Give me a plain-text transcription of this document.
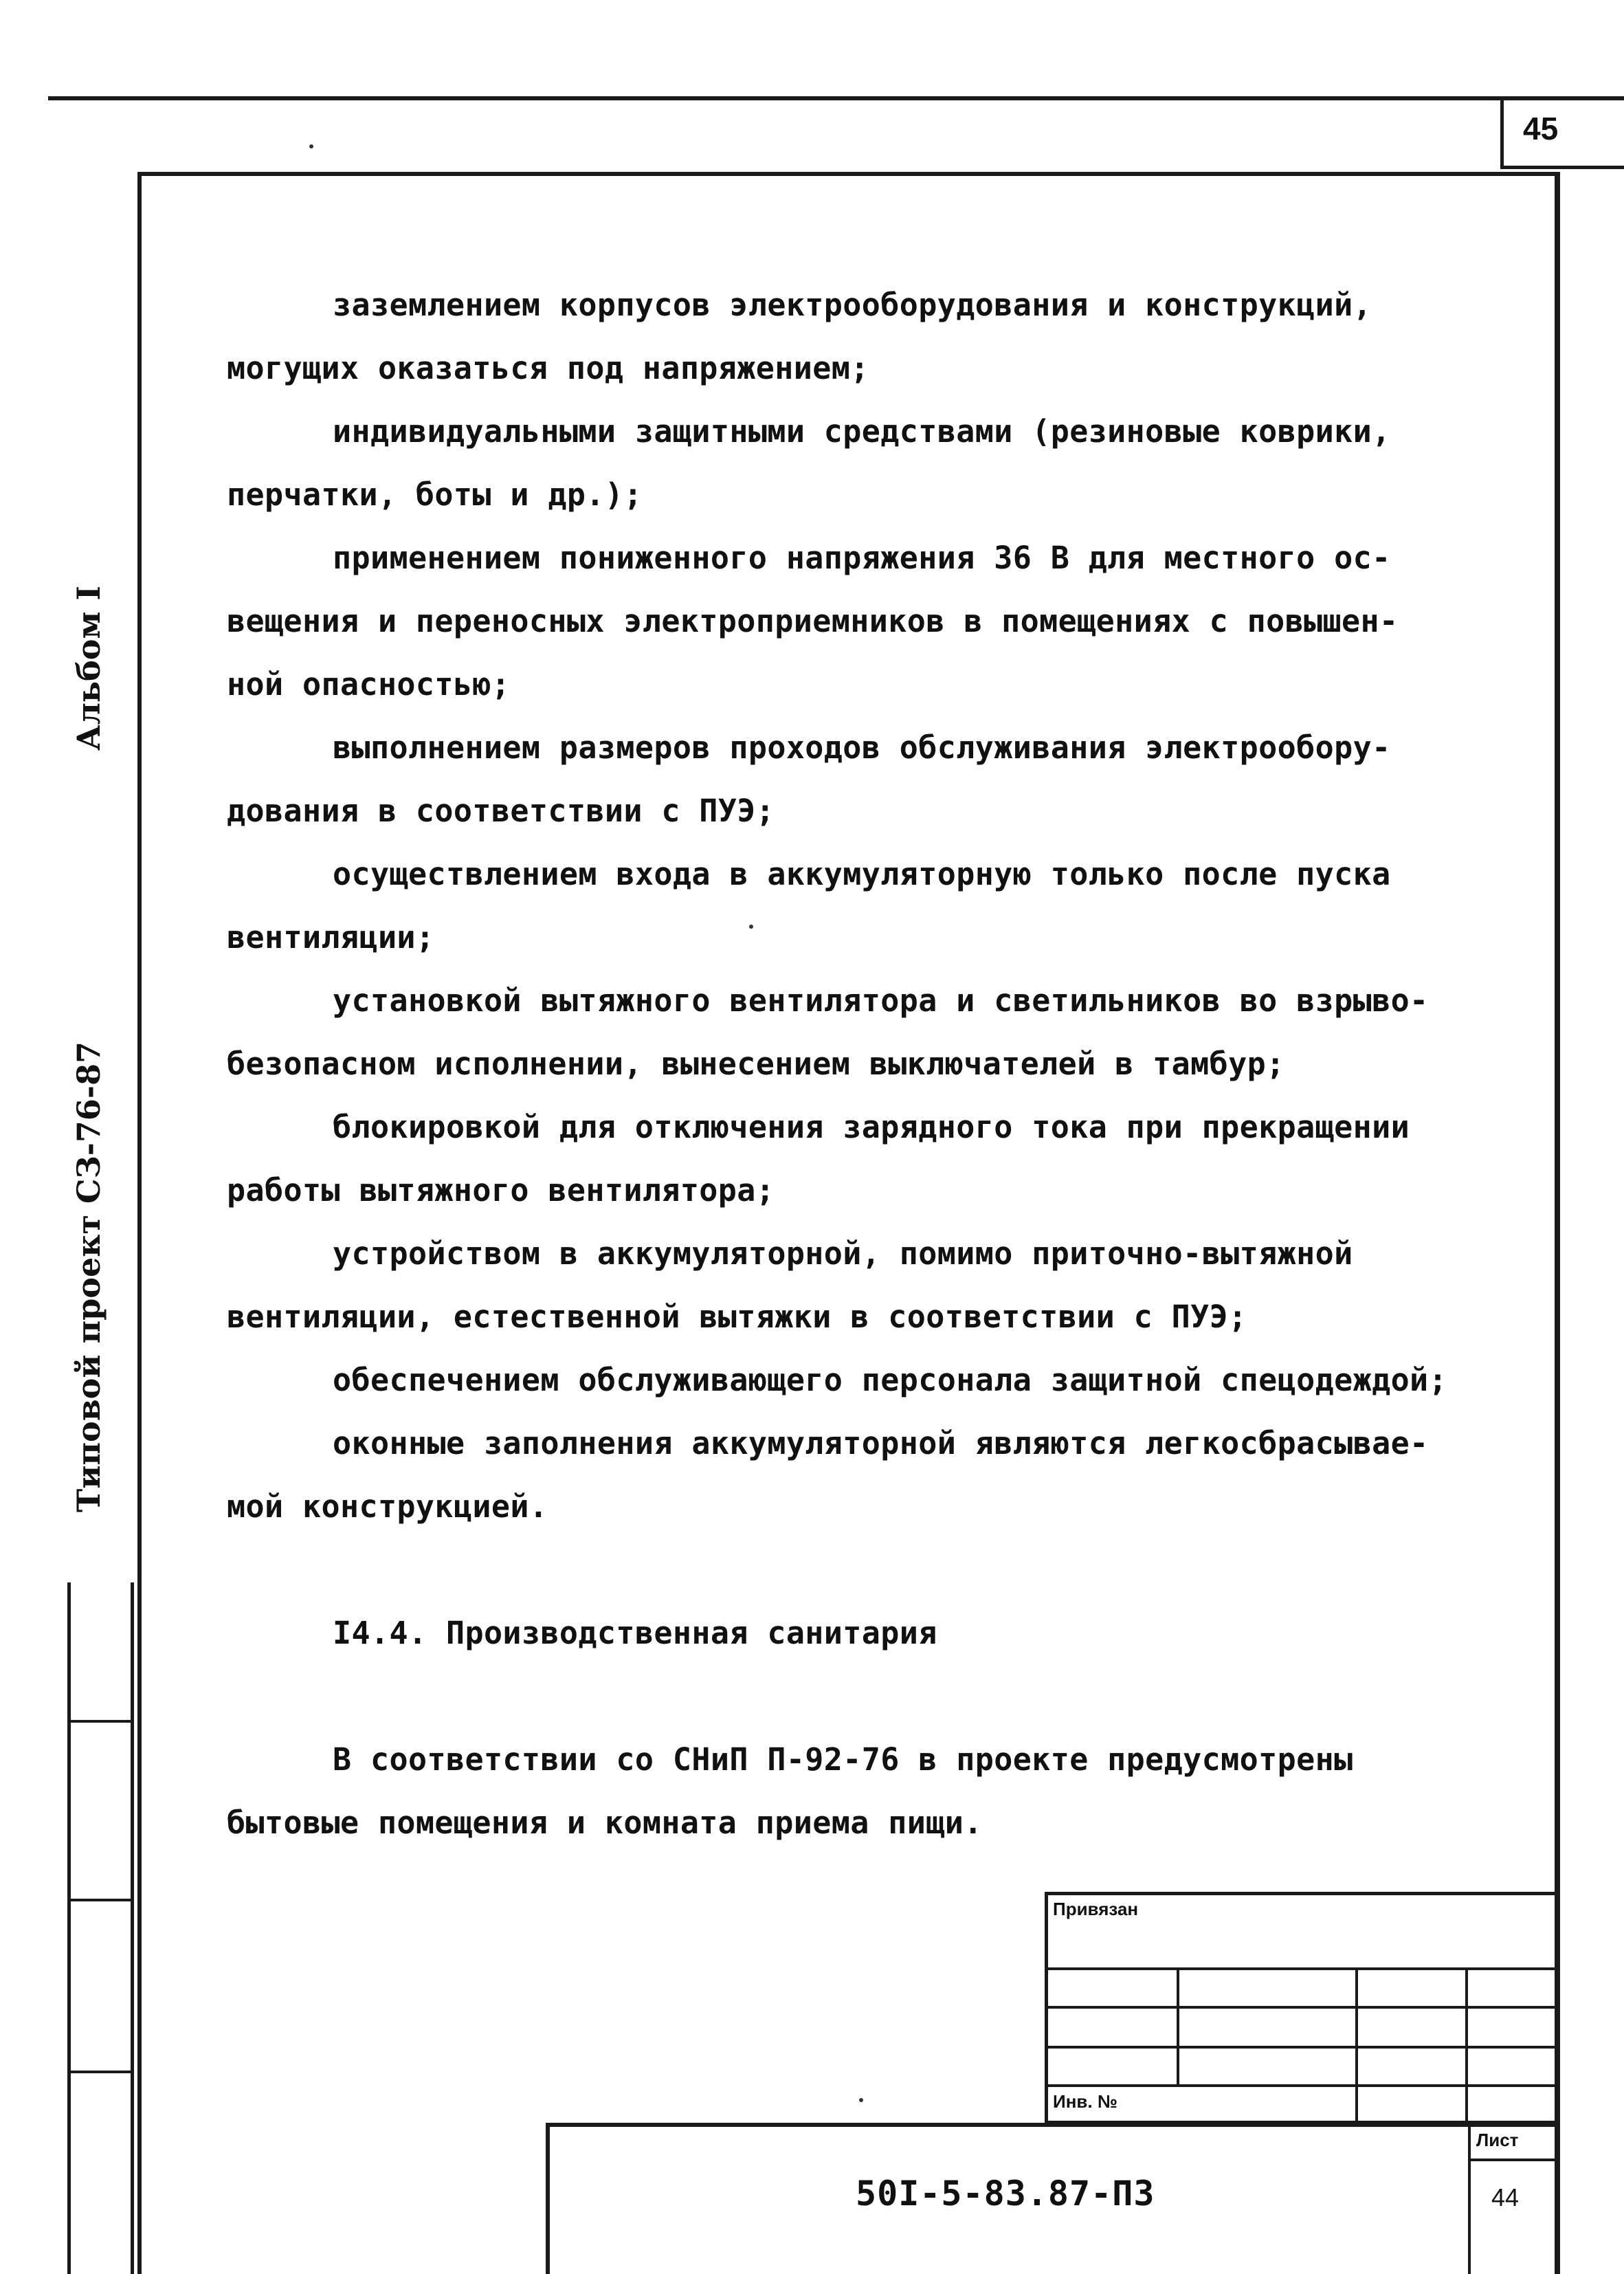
45
Альбом I
Типовой проект СЗ-76-87

заземлением корпусов электрооборудования и конструкций,

могущих оказаться под напряжением;

индивидуальными защитными средствами (резиновые коврики,

перчатки, боты и др.);

применением пониженного напряжения 36 В для местного ос-

вещения и переносных электроприемников в помещениях с повышен-

ной опасностью;

выполнением размеров проходов обслуживания электрообору-

дования в соответствии с ПУЭ;

осуществлением входа в аккумуляторную только после пуска

вентиляции;

установкой вытяжного вентилятора и светильников во взрыво-

безопасном исполнении, вынесением выключателей в тамбур;

блокировкой для отключения зарядного тока при прекращении

работы вытяжного вентилятора;

устройством в аккумуляторной, помимо приточно-вытяжной

вентиляции, естественной вытяжки в соответствии с ПУЭ;

обеспечением обслуживающего персонала защитной спецодеждой;

оконные заполнения аккумуляторной являются легкосбрасывае-

мой конструкцией.

I4.4. Производственная санитария

В соответствии со СНиП П-92-76 в проекте предусмотрены

бытовые помещения и комната приема пищи.

Привязан
Инв. №
50I-5-83.87-ПЗ
Лист
44
